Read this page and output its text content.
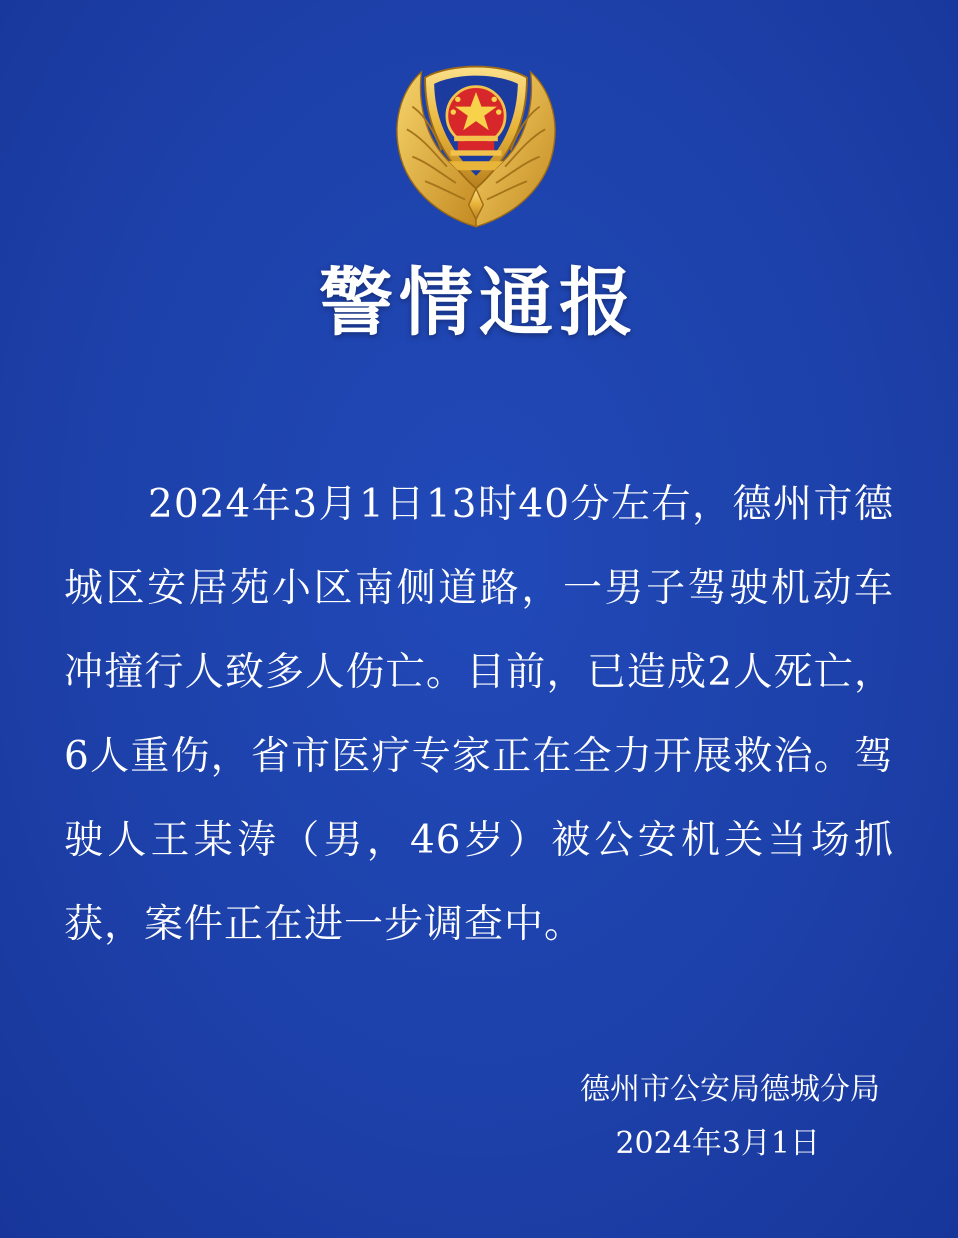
警情通报

2024年3月1日13时40分左右，德州市德城区安居苑小区南侧道路，一男子驾驶机动车冲撞行人致多人伤亡。目前，已造成2人死亡，6人重伤，省市医疗专家正在全力开展救治。驾驶人王某涛（男，46岁）被公安机关当场抓获，案件正在进一步调查中。

德州市公安局德城分局
2024年3月1日
